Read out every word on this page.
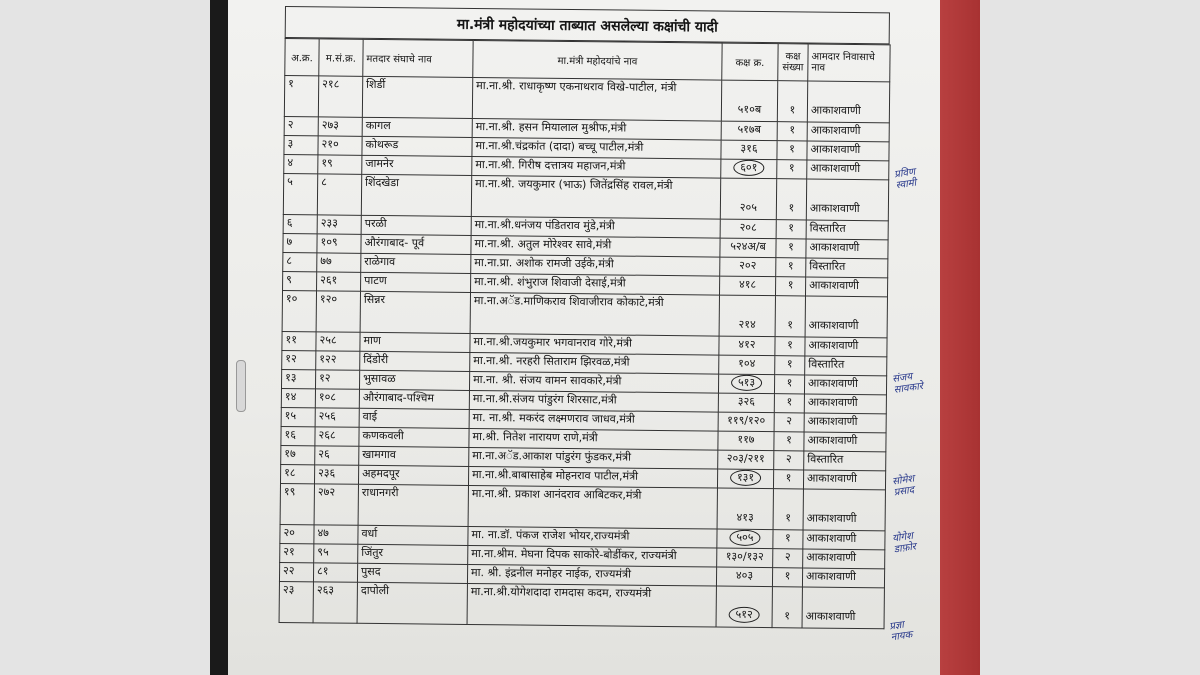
मा.मंत्री महोदयांच्या ताब्यात असलेल्या कक्षांची यादी
अ.क्र.	म.सं.क्र.	मतदार संघाचे नाव	मा.मंत्री महोदयांचे नाव	कक्ष क्र.	कक्ष संख्या	आमदार निवासाचे नाव
१	२१८	शिर्डी	मा.ना.श्री. राधाकृष्ण एकनाथराव विखे-पाटील, मंत्री	५१०ब	१	आकाशवाणी
२	२७३	कागल	मा.ना.श्री. हसन मियालाल मुश्रीफ,मंत्री	५१७ब	१	आकाशवाणी
३	२१०	कोथरूड	मा.ना.श्री.चंद्रकांत (दादा) बच्चू पाटील,मंत्री	३१६	१	आकाशवाणी
४	१९	जामनेर	मा.ना.श्री. गिरीष दत्तात्रय महाजन,मंत्री	६०१	१	आकाशवाणी
५	८	शिंदखेडा	मा.ना.श्री. जयकुमार (भाऊ) जितेंद्रसिंह रावल,मंत्री	२०५	१	आकाशवाणी
६	२३३	परळी	मा.ना.श्री.धनंजय पंडितराव मुंडे,मंत्री	२०८	१	विस्तारित
७	१०९	औरंगाबाद- पूर्व	मा.ना.श्री. अतुल मोरेश्वर सावे,मंत्री	५२४अ/ब	१	आकाशवाणी
८	७७	राळेगाव	मा.ना.प्रा. अशोक रामजी उईके,मंत्री	२०२	१	विस्तारित
९	२६१	पाटण	मा.ना.श्री. शंभुराज शिवाजी देसाई,मंत्री	४१८	१	आकाशवाणी
१०	१२०	सिन्नर	मा.ना.अॅड.माणिकराव शिवाजीराव कोकाटे,मंत्री	२१४	१	आकाशवाणी
११	२५८	माण	मा.ना.श्री.जयकुमार भगवानराव गोरे,मंत्री	४१२	१	आकाशवाणी
१२	१२२	दिंडोरी	मा.ना.श्री. नरहरी सिताराम झिरवळ,मंत्री	१०४	१	विस्तारित
१३	१२	भुसावळ	मा.ना. श्री. संजय वामन सावकारे,मंत्री	५१३	१	आकाशवाणी
१४	१०८	औरंगाबाद-पश्चिम	मा.ना.श्री.संजय पांडुरंग शिरसाट,मंत्री	३२६	१	आकाशवाणी
१५	२५६	वाई	मा. ना.श्री. मकरंद लक्ष्मणराव जाधव,मंत्री	११९/१२०	२	आकाशवाणी
१६	२६८	कणकवली	मा.श्री. नितेश नारायण राणे,मंत्री	११७	१	आकाशवाणी
१७	२६	खामगाव	मा.ना.अॅड.आकाश पांडुरंग फुंडकर,मंत्री	२०३/२११	२	विस्तारित
१८	२३६	अहमदपूर	मा.ना.श्री.बाबासाहेब मोहनराव पाटील,मंत्री	१३१	१	आकाशवाणी
१९	२७२	राधानगरी	मा.ना.श्री. प्रकाश आनंदराव आबिटकर,मंत्री	४१३	१	आकाशवाणी
२०	४७	वर्धा	मा. ना.डॉ. पंकज राजेश भोयर,राज्यमंत्री	५०५	१	आकाशवाणी
२१	९५	जिंतुर	मा.ना.श्रीम. मेघना दिपक साकोरे-बोर्डीकर, राज्यमंत्री	१३०/१३२	२	आकाशवाणी
२२	८१	पुसद	मा. श्री. इंद्रनील मनोहर नाईक, राज्यमंत्री	४०३	१	आकाशवाणी
२३	२६३	दापोली	मा.ना.श्री.योगेशदादा रामदास कदम, राज्यमंत्री	५१२	१	आकाशवाणी
प्रविण
स्वामी
संजय
सावकारे
सोमेश
प्रसाद
योगेश
डाफ़ोर
प्रज्ञा
नायक
